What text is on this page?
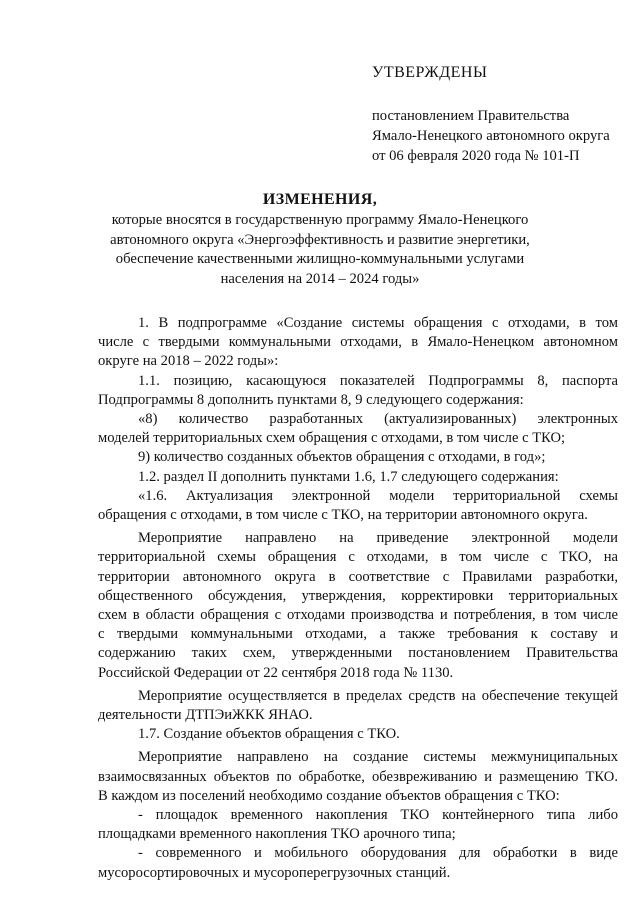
УТВЕРЖДЕНЫ
постановлением Правительства
Ямало-Ненецкого автономного округа
от 06 февраля 2020 года № 101-П
ИЗМЕНЕНИЯ,
которые вносятся в государственную программу Ямало-Ненецкого
автономного округа «Энергоэффективность и развитие энергетики,
обеспечение качественными жилищно-коммунальными услугами
населения на 2014 – 2024 годы»
1. В подпрограмме «Создание системы обращения с отходами, в том
числе с твердыми коммунальными отходами, в Ямало-Ненецком автономном
округе на 2018 – 2022 годы»:
1.1. позицию, касающуюся показателей Подпрограммы 8, паспорта
Подпрограммы 8 дополнить пунктами 8, 9 следующего содержания:
«8) количество разработанных (актуализированных) электронных
моделей территориальных схем обращения с отходами, в том числе с ТКО;
9) количество созданных объектов обращения с отходами, в год»;
1.2. раздел II дополнить пунктами 1.6, 1.7 следующего содержания:
«1.6. Актуализация электронной модели территориальной схемы
обращения с отходами, в том числе с ТКО, на территории автономного округа.
Мероприятие направлено на приведение электронной модели
территориальной схемы обращения с отходами, в том числе с ТКО, на
территории автономного округа в соответствие с Правилами разработки,
общественного обсуждения, утверждения, корректировки территориальных
схем в области обращения с отходами производства и потребления, в том числе
с твердыми коммунальными отходами, а также требования к составу и
содержанию таких схем, утвержденными постановлением Правительства
Российской Федерации от 22 сентября 2018 года № 1130.
Мероприятие осуществляется в пределах средств на обеспечение текущей
деятельности ДТПЭиЖКК ЯНАО.
1.7. Создание объектов обращения с ТКО.
Мероприятие направлено на создание системы межмуниципальных
взаимосвязанных объектов по обработке, обезвреживанию и размещению ТКО.
В каждом из поселений необходимо создание объектов обращения с ТКО:
- площадок временного накопления ТКО контейнерного типа либо
площадками временного накопления ТКО арочного типа;
- современного и мобильного оборудования для обработки в виде
мусоросортировочных и мусороперегрузочных станций.
